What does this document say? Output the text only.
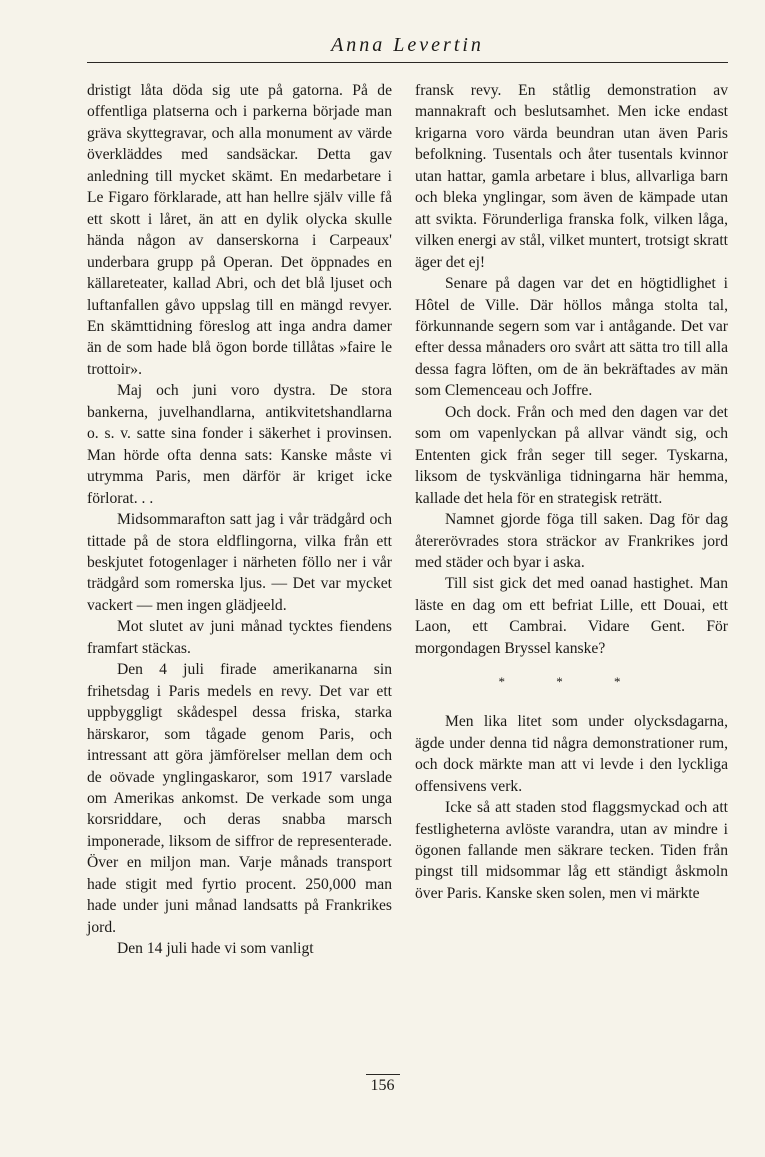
Anna Levertin

dristigt låta döda sig ute på gatorna. På de offentliga platserna och i parkerna började man gräva skyttegravar, och alla monument av värde överkläddes med sandsäckar. Detta gav anledning till mycket skämt. En medarbetare i Le Figaro förklarade, att han hellre själv ville få ett skott i låret, än att en dylik olycka skulle hända någon av danserskorna i Carpeaux' underbara grupp på Operan. Det öppnades en källareteater, kallad Abri, och det blå ljuset och luftanfallen gåvo uppslag till en mängd revyer. En skämttidning föreslog att inga andra damer än de som hade blå ögon borde tillåtas »faire le trottoir».

Maj och juni voro dystra. De stora bankerna, juvelhandlarna, antikvitetshandlarna o. s. v. satte sina fonder i säkerhet i provinsen. Man hörde ofta denna sats: Kanske måste vi utrymma Paris, men därför är kriget icke förlorat. . .

Midsommarafton satt jag i vår trädgård och tittade på de stora eldflingorna, vilka från ett beskjutet fotogenlager i närheten föllo ner i vår trädgård som romerska ljus. — Det var mycket vackert — men ingen glädjeeld.

Mot slutet av juni månad tycktes fiendens framfart stäckas.

Den 4 juli firade amerikanarna sin frihetsdag i Paris medels en revy. Det var ett uppbyggligt skådespel dessa friska, starka härskaror, som tågade genom Paris, och intressant att göra jämförelser mellan dem och de oövade ynglingaskaror, som 1917 varslade om Amerikas ankomst. De verkade som unga korsriddare, och deras snabba marsch imponerade, liksom de siffror de representerade. Över en miljon man. Varje månads transport hade stigit med fyrtio procent. 250,000 man hade under juni månad landsatts på Frankrikes jord.

Den 14 juli hade vi som vanligt

fransk revy. En ståtlig demonstration av mannakraft och beslutsamhet. Men icke endast krigarna voro värda beundran utan även Paris befolkning. Tusentals och åter tusentals kvinnor utan hattar, gamla arbetare i blus, allvarliga barn och bleka ynglingar, som även de kämpade utan att svikta. Förunderliga franska folk, vilken låga, vilken energi av stål, vilket muntert, trotsigt skratt äger det ej!

Senare på dagen var det en högtidlighet i Hôtel de Ville. Där höllos många stolta tal, förkunnande segern som var i antågande. Det var efter dessa månaders oro svårt att sätta tro till alla dessa fagra löften, om de än bekräftades av män som Clemenceau och Joffre.

Och dock. Från och med den dagen var det som om vapenlyckan på allvar vändt sig, och Ententen gick från seger till seger. Tyskarna, liksom de tyskvänliga tidningarna här hemma, kallade det hela för en strategisk reträtt.

Namnet gjorde föga till saken. Dag för dag återerövrades stora sträckor av Frankrikes jord med städer och byar i aska.

Till sist gick det med oanad hastighet. Man läste en dag om ett befriat Lille, ett Douai, ett Laon, ett Cambrai. Vidare Gent. För morgondagen Bryssel kanske?

* * *

Men lika litet som under olycksdagarna, ägde under denna tid några demonstrationer rum, och dock märkte man att vi levde i den lyckliga offensivens verk.

Icke så att staden stod flaggsmyckad och att festligheterna avlöste varandra, utan av mindre i ögonen fallande men säkrare tecken. Tiden från pingst till midsommar låg ett ständigt åskmoln över Paris. Kanske sken solen, men vi märkte

156
